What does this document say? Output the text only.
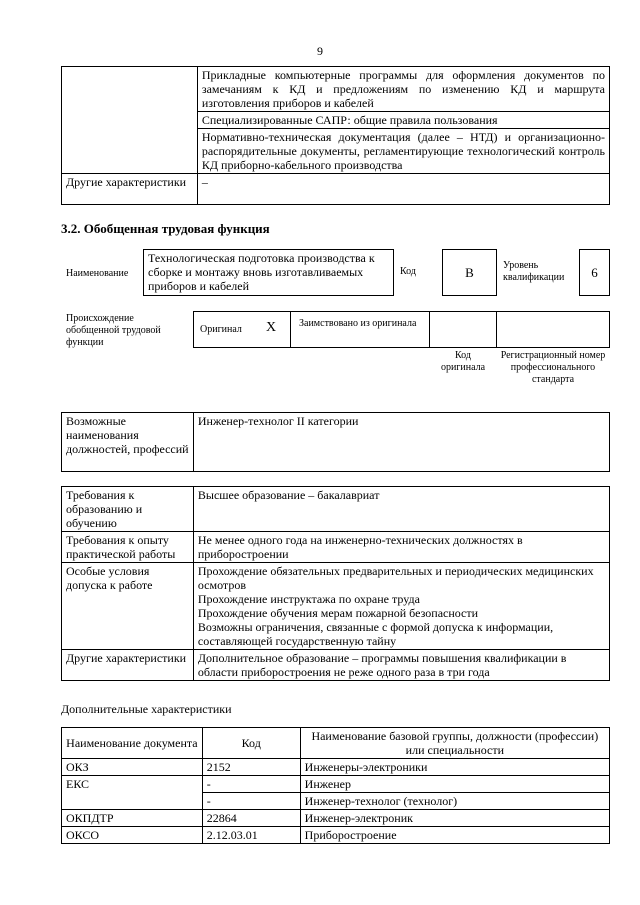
9
	Прикладные компьютерные программы для оформления документов по замечаниям к КД и предложениям по изменению КД и маршрута изготовления приборов и кабелей
	Специализированные САПР: общие правила пользования
	Нормативно-техническая документация (далее – НТД) и организационно-распорядительные документы, регламентирующие технологический контроль КД приборно-кабельного производства
Другие характеристики	–
3.2. Обобщенная трудовая функция
Наименование
Технологическая подготовка производства к сборке и монтажу вновь изготавливаемых приборов и кабелей
Код	В	Уровень квалификации	6
Происхождение обобщенной трудовой функции
Оригинал X Заимствовано из оригинала
Код оригинала
Регистрационный номер профессионального стандарта
Возможные наименования должностей, профессий	Инженер-технолог II категории
Требования к образованию и обучению	Высшее образование – бакалавриат
Требования к опыту практической работы	Не менее одного года на инженерно-технических должностях в приборостроении
Особые условия допуска к работе	Прохождение обязательных предварительных и периодических медицинских осмотров
Прохождение инструктажа по охране труда
Прохождение обучения мерам пожарной безопасности
Возможны ограничения, связанные с формой допуска к информации, составляющей государственную тайну

Другие характеристики	Дополнительное образование – программы повышения квалификации в области приборостроения не реже одного раза в три года
Дополнительные характеристики
Наименование документа	Код	Наименование базовой группы, должности (профессии) или специальности
ОКЗ	2152	Инженеры-электроники
ЕКС	-	Инженер
	-	Инженер-технолог (технолог)
ОКПДТР	22864	Инженер-электроник
ОКСО	2.12.03.01	Приборостроение
